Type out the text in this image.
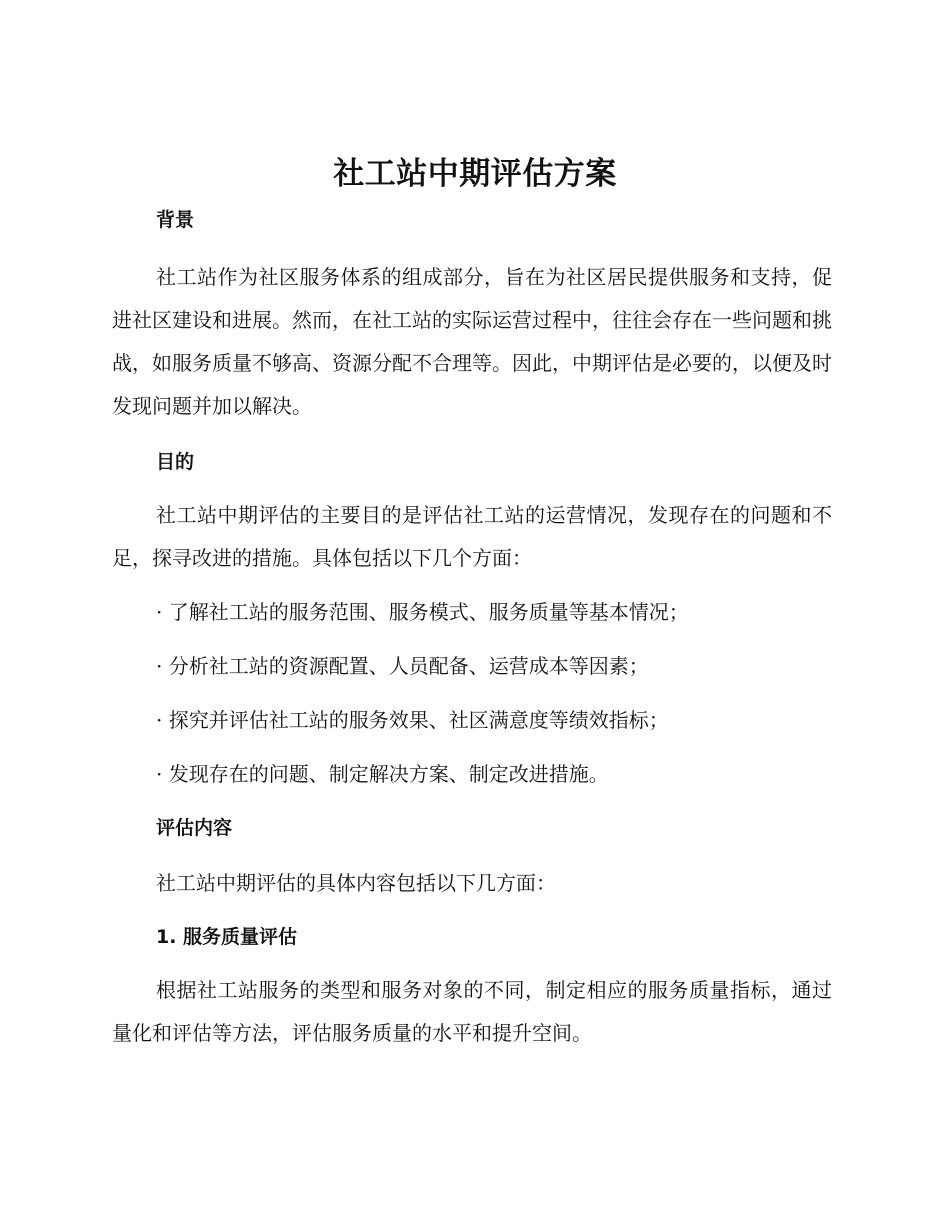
社工站中期评估方案
背景

社工站作为社区服务体系的组成部分，旨在为社区居民提供服务和支持，促进社区建设和进展。然而，在社工站的实际运营过程中，往往会存在一些问题和挑战，如服务质量不够高、资源分配不合理等。因此，中期评估是必要的，以便及时发现问题并加以解决。

目的

社工站中期评估的主要目的是评估社工站的运营情况，发现存在的问题和不足，探寻改进的措施。具体包括以下几个方面：

· 了解社工站的服务范围、服务模式、服务质量等基本情况；

· 分析社工站的资源配置、人员配备、运营成本等因素；

· 探究并评估社工站的服务效果、社区满意度等绩效指标；

· 发现存在的问题、制定解决方案、制定改进措施。

评估内容

社工站中期评估的具体内容包括以下几方面：

1. 服务质量评估

根据社工站服务的类型和服务对象的不同，制定相应的服务质量指标，通过量化和评估等方法，评估服务质量的水平和提升空间。
